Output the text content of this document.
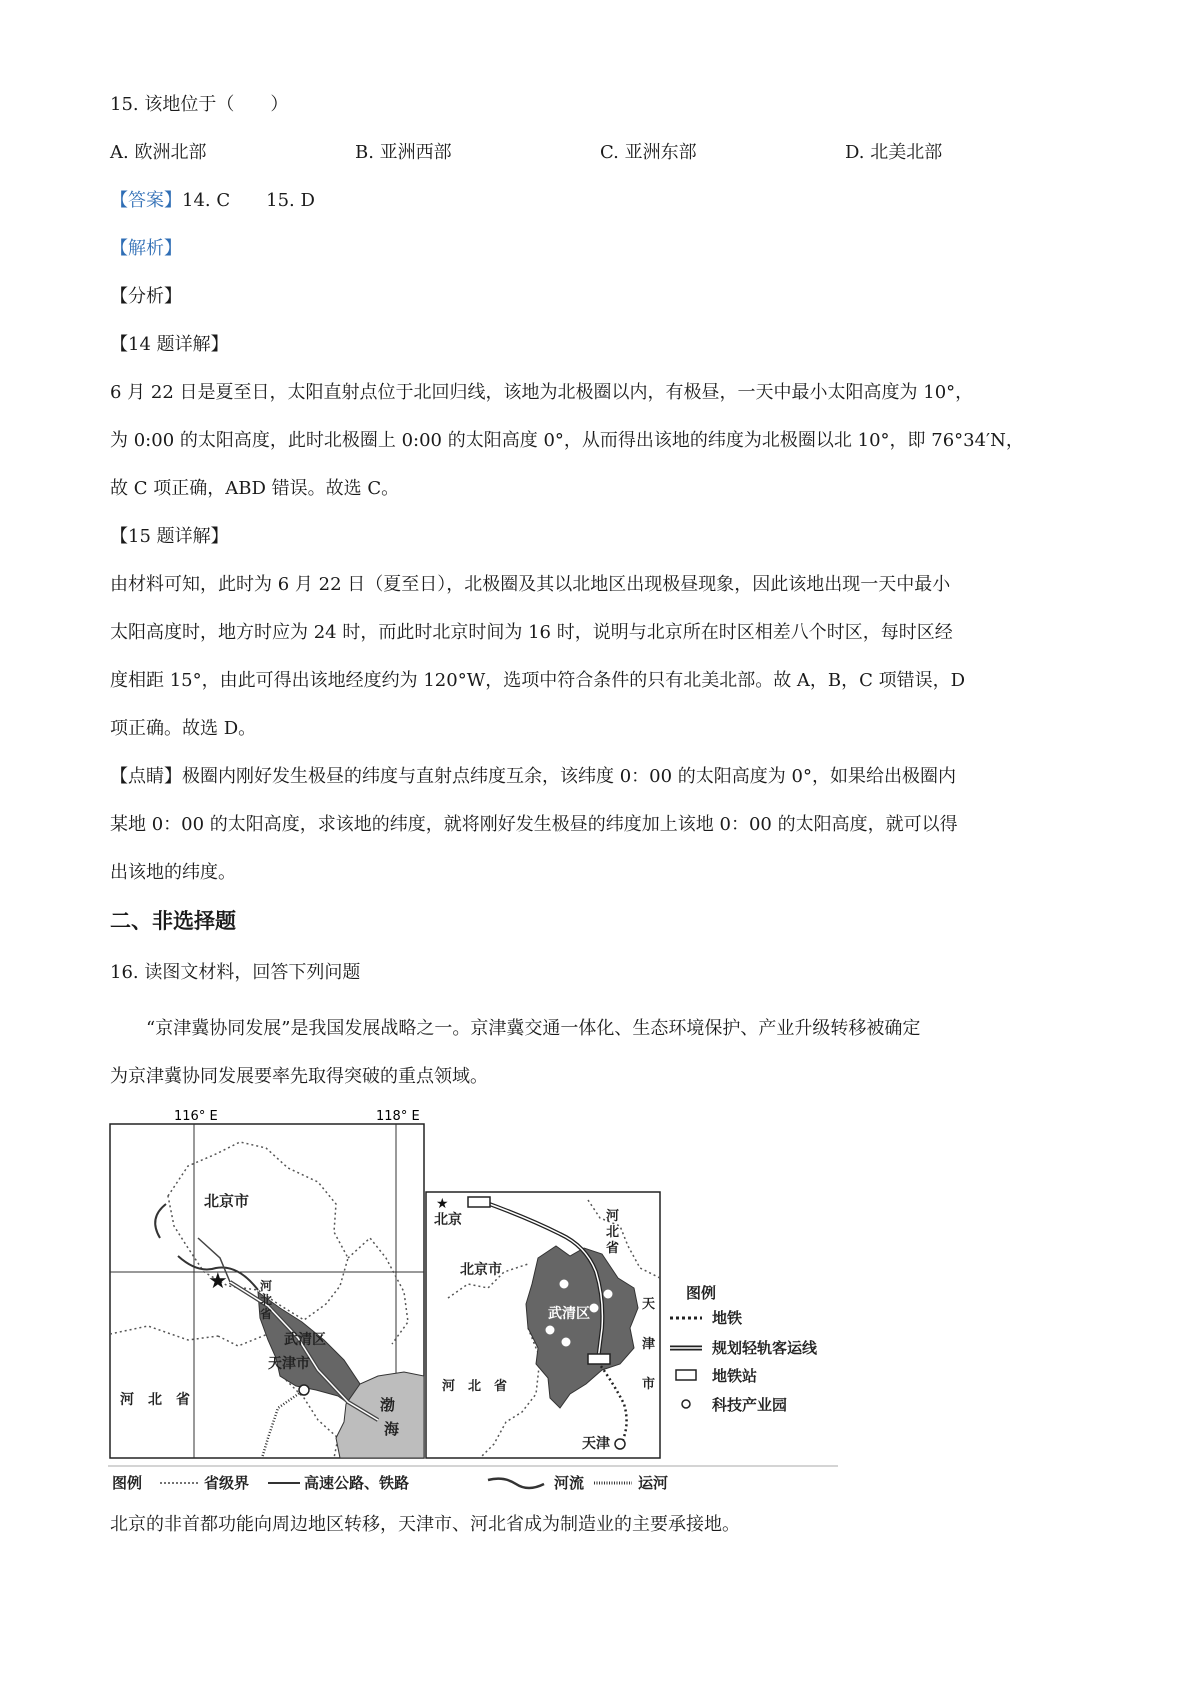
15. 该地位于（　　）
A. 欧洲北部	B. 亚洲西部	C. 亚洲东部	D. 北美北部
【答案】14. C　　15. D
【解析】
【分析】
【14 题详解】
6 月 22 日是夏至日，太阳直射点位于北回归线，该地为北极圈以内，有极昼，一天中最小太阳高度为 10°，
为 0:00 的太阳高度，此时北极圈上 0:00 的太阳高度 0°，从而得出该地的纬度为北极圈以北 10°，即 76°34′N，
故 C 项正确，ABD 错误。故选 C。
【15 题详解】
由材料可知，此时为 6 月 22 日（夏至日），北极圈及其以北地区出现极昼现象，因此该地出现一天中最小
太阳高度时，地方时应为 24 时，而此时北京时间为 16 时，说明与北京所在时区相差八个时区，每时区经
度相距 15°，由此可得出该地经度约为 120°W，选项中符合条件的只有北美北部。故 A，B，C 项错误，D
项正确。故选 D。
【点睛】极圈内刚好发生极昼的纬度与直射点纬度互余，该纬度 0：00 的太阳高度为 0°，如果给出极圈内
某地 0：00 的太阳高度，求该地的纬度，就将刚好发生极昼的纬度加上该地 0：00 的太阳高度，就可以得
出该地的纬度。
二、非选择题
16. 读图文材料，回答下列问题
“京津冀协同发展”是我国发展战略之一。京津冀交通一体化、生态环境保护、产业升级转移被确定
为京津冀协同发展要率先取得突破的重点领域。
116° E	118° E
★
北京市
河
北
省
武清区
天津市
河　北　省	渤
海
★
北京
北京市
河
北
省
武清区
天
津
市
河　北　省
天津
图例
地铁
规划轻轨客运线
地铁站
科技产业园
图例	省级界	高速公路、铁路	河流	运河
北京的非首都功能向周边地区转移，天津市、河北省成为制造业的主要承接地。
